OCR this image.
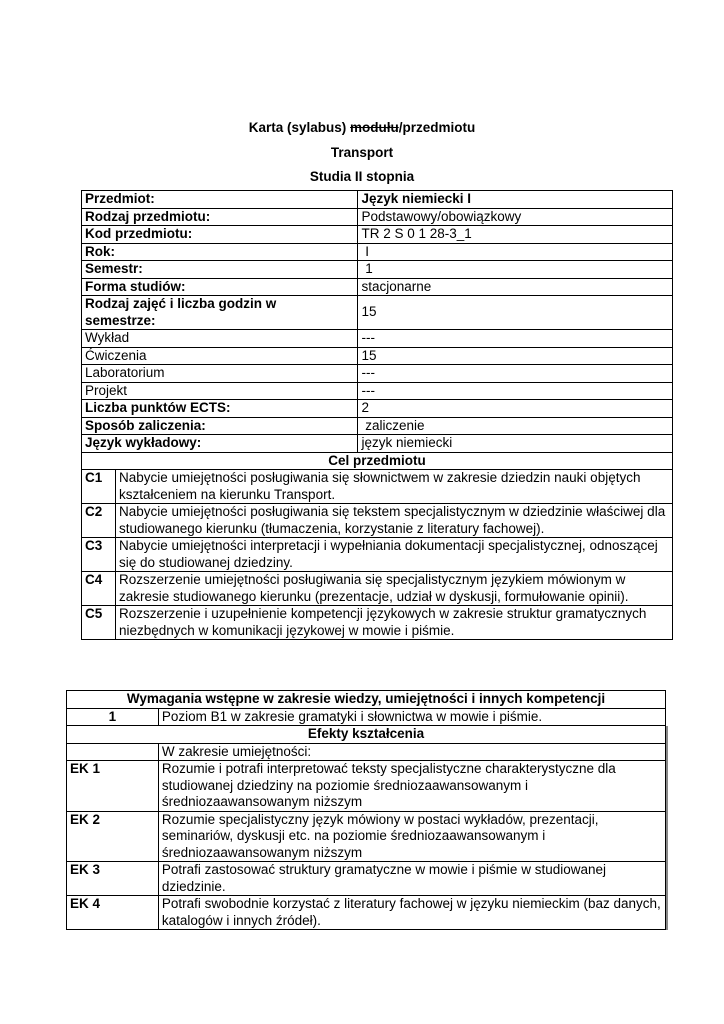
Karta (sylabus) modułu/przedmiotu
Transport
Studia II stopnia
Przedmiot:		Język niemiecki I
Rodzaj przedmiotu:		Podstawowy/obowiązkowy
Kod przedmiotu:		TR 2 S 0 1 28-3_1
Rok:		I
Semestr:		1
Forma studiów:		stacjonarne
Rodzaj zajęć i liczba godzin w semestrze:		15
Wykład		---
Ćwiczenia		15
Laboratorium		---
Projekt		---
Liczba punktów ECTS:		2
Sposób zaliczenia:		zaliczenie
Język wykładowy:		język niemiecki
Cel przedmiotu		
C1	Nabycie umiejętności posługiwania się słownictwem w zakresie dziedzin nauki objętych kształceniem na kierunku Transport.	
C2	Nabycie umiejętności posługiwania się tekstem specjalistycznym w dziedzinie właściwej dla studiowanego kierunku (tłumaczenia, korzystanie z literatury fachowej).	
C3	Nabycie umiejętności interpretacji i wypełniania dokumentacji specjalistycznej, odnoszącej się do studiowanej dziedziny.	
C4	Rozszerzenie umiejętności posługiwania się specjalistycznym językiem mówionym w zakresie studiowanego kierunku (prezentacje, udział w dyskusji, formułowanie opinii).	
C5	Rozszerzenie i uzupełnienie kompetencji językowych w zakresie struktur gramatycznych niezbędnych w komunikacji językowej w mowie i piśmie.	
Wymagania wstępne w zakresie wiedzy, umiejętności i innych kompetencji	
1	Poziom B1 w zakresie gramatyki i słownictwa w mowie i piśmie.
Efekty kształcenia	
	W zakresie umiejętności:
EK 1	Rozumie i potrafi interpretować teksty specjalistyczne charakterystyczne dla studiowanej dziedziny na poziomie średniozaawansowanym i średniozaawansowanym niższym
EK 2	Rozumie specjalistyczny język mówiony w postaci wykładów, prezentacji, seminariów, dyskusji etc. na poziomie średniozaawansowanym i średniozaawansowanym niższym
EK 3	Potrafi zastosować struktury gramatyczne w mowie i piśmie w studiowanej dziedzinie.
EK 4	Potrafi swobodnie korzystać z literatury fachowej w języku niemieckim (baz danych, katalogów i innych źródeł).
